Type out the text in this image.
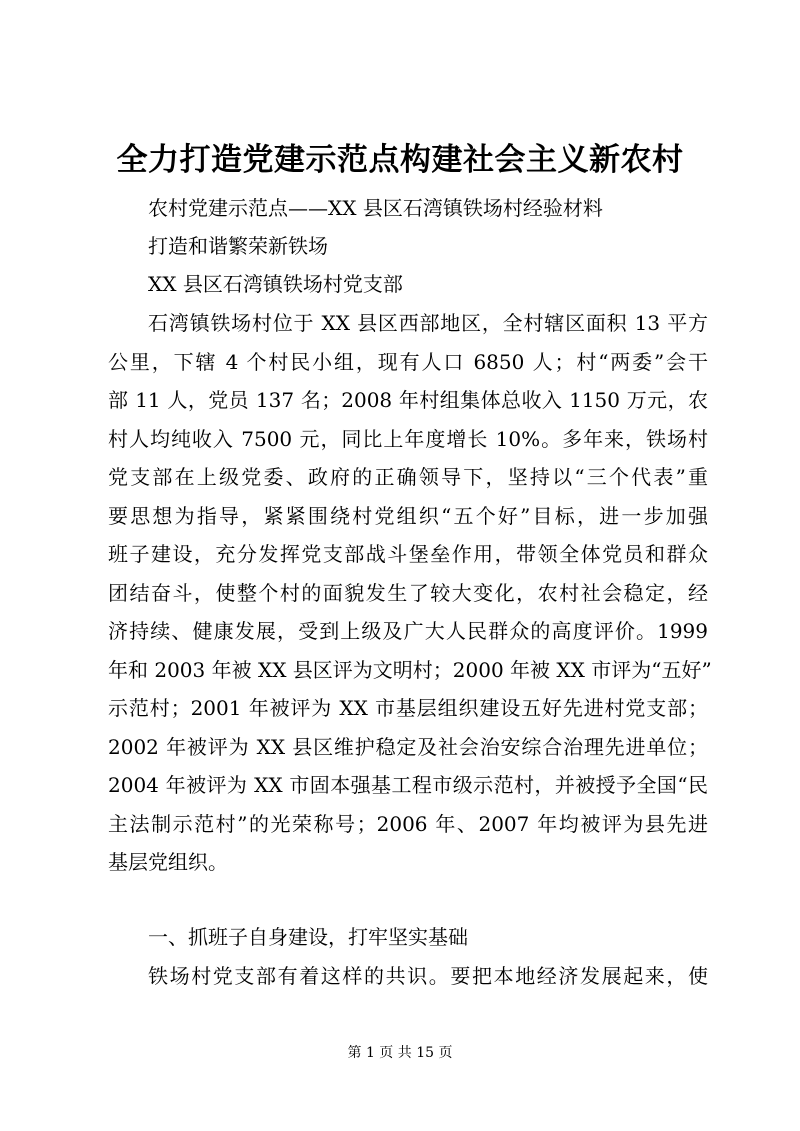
全力打造党建示范点构建社会主义新农村
农村党建示范点——XX 县区石湾镇铁场村经验材料
打造和谐繁荣新铁场
XX 县区石湾镇铁场村党支部
石湾镇铁场村位于 XX 县区西部地区，全村辖区面积 13 平方
公里，下辖 4 个村民小组，现有人口 6850 人；村“两委”会干
部 11 人，党员 137 名；2008 年村组集体总收入 1150 万元，农
村人均纯收入 7500 元，同比上年度增长 10%。多年来，铁场村
党支部在上级党委、政府的正确领导下，坚持以“三个代表”重
要思想为指导，紧紧围绕村党组织“五个好”目标，进一步加强
班子建设，充分发挥党支部战斗堡垒作用，带领全体党员和群众
团结奋斗，使整个村的面貌发生了较大变化，农村社会稳定，经
济持续、健康发展，受到上级及广大人民群众的高度评价。1999
年和 2003 年被 XX 县区评为文明村；2000 年被 XX 市评为“五好”
示范村；2001 年被评为 XX 市基层组织建设五好先进村党支部；
2002 年被评为 XX 县区维护稳定及社会治安综合治理先进单位；
2004 年被评为 XX 市固本强基工程市级示范村，并被授予全国“民
主法制示范村”的光荣称号；2006 年、2007 年均被评为县先进
基层党组织。
一、抓班子自身建设，打牢坚实基础
铁场村党支部有着这样的共识。要把本地经济发展起来，使
第 1 页 共 15 页
